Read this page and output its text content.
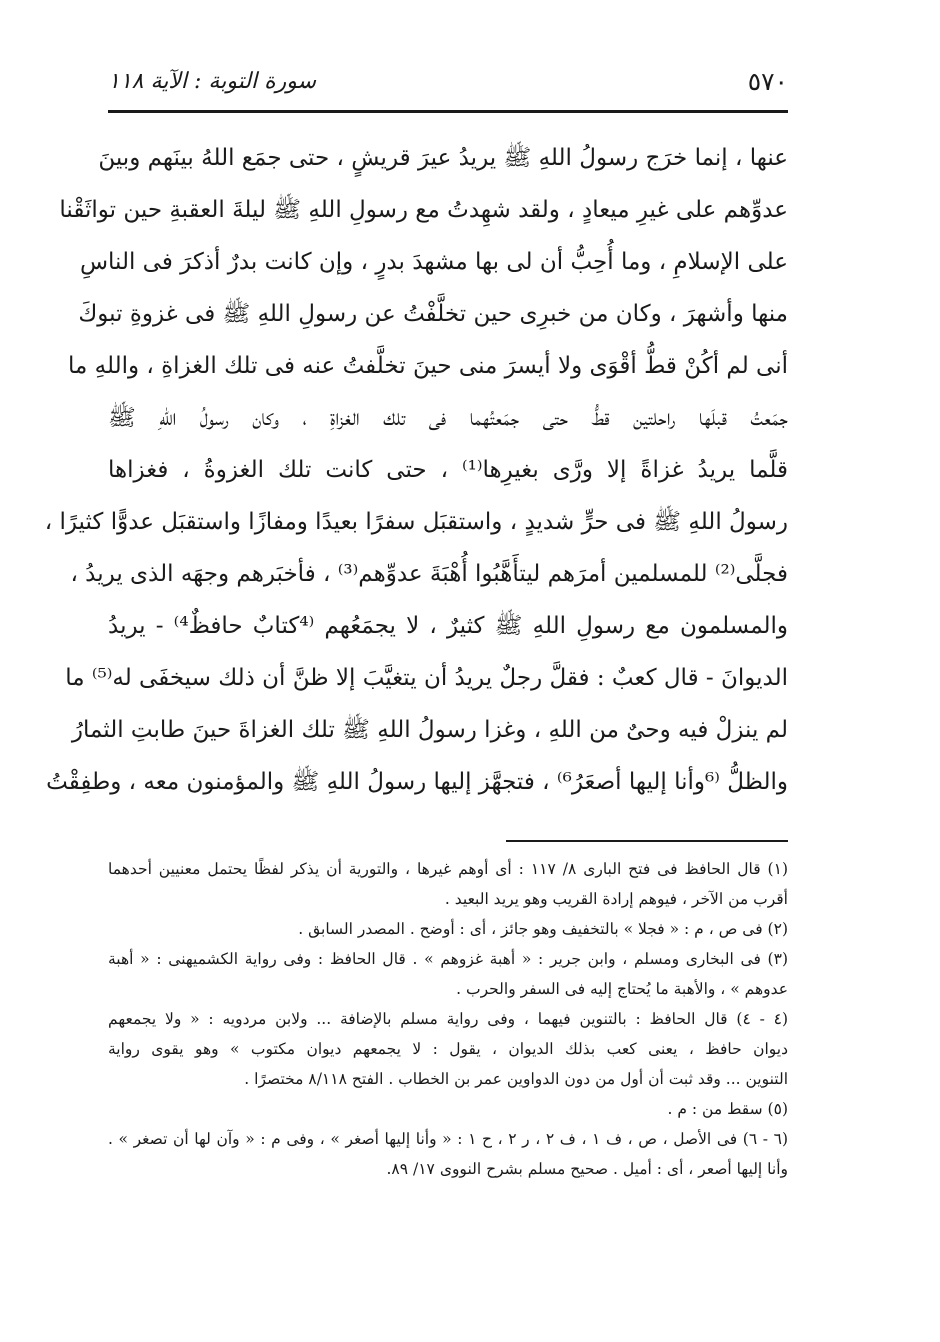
٥٧٠
سورة التوبة : الآية ١١٨
عنها ، إنما خرَج رسولُ اللهِ ﷺ يريدُ عيرَ قريشٍ ، حتى جمَع اللهُ بينَهم وبينَ
عدوِّهم على غيرِ ميعادٍ ، ولقد شهِدتُ مع رسولِ اللهِ ﷺ ليلةَ العقبةِ حين تواثَقْنا
على الإسلامِ ، وما أُحِبُّ أن لى بها مشهدَ بدرٍ ، وإن كانت بدرٌ أذكرَ فى الناسِ
منها وأشهرَ ، وكان من خبرِى حين تخلَّفْتُ عن رسولِ اللهِ ﷺ فى غزوةِ تبوكَ
أنى لم أكُنْ قطُّ أقْوَى ولا أيسرَ منى حينَ تخلَّفتُ عنه فى تلك الغزاةِ ، واللهِ ما
جمَعتُ قبلَها راحلتين قطُّ حتى جمَعتُهما فى تلك الغزاةِ ، وكان رسولُ اللهِ ﷺ
قلَّما يريدُ غزاةً إلا ورَّى بغيرِها⁽¹⁾ ، حتى كانت تلك الغزوةُ ، فغزاها
رسولُ اللهِ ﷺ فى حرٍّ شديدٍ ، واستقبَل سفرًا بعيدًا ومفازًا واستقبَل عدوًّا كثيرًا ،
فجلَّى⁽²⁾ للمسلمين أمرَهم ليتأَهَّبُوا أُهْبَةَ عدوِّهم⁽³⁾ ، فأخبَرهم وجهَه الذى يريدُ ،
والمسلمون مع رسولِ اللهِ ﷺ كثيرٌ ، لا يجمَعُهم ⁽⁴كتابٌ حافظٌ⁴⁾ - يريدُ
الديوانَ - قال كعبٌ : فقلَّ رجلٌ يريدُ أن يتغيَّبَ إلا ظنَّ أن ذلك سيخفَى له⁽⁵⁾ ما
لم ينزلْ فيه وحىٌ من اللهِ ، وغزا رسولُ اللهِ ﷺ تلك الغزاةَ حينَ طابتِ الثمارُ
والظلُّ ⁽⁶وأنا إليها أصعَرُ⁶⁾ ، فتجهَّز إليها رسولُ اللهِ ﷺ والمؤمنون معه ، وطفِقْتُ
(١) قال الحافظ فى فتح البارى ٨/ ١١٧ : أى أوهم غيرها ، والتورية أن يذكر لفظًا يحتمل معنيين أحدهما
أقرب من الآخر ، فيوهم إرادة القريب وهو يريد البعيد .
(٢) فى ص ، م : « فجلا » بالتخفيف وهو جائز ، أى : أوضح . المصدر السابق .
(٣) فى البخارى ومسلم ، وابن جرير : « أهبة غزوهم » . قال الحافظ : وفى رواية الكشميهنى : « أهبة
عدوهم » ، والأهبة ما يُحتاج إليه فى السفر والحرب .
(٤ - ٤) قال الحافظ : بالتنوين فيهما ، وفى رواية مسلم بالإضافة ... ولابن مردويه : « ولا يجمعهم
ديوان حافظ ، يعنى كعب بذلك الديوان ، يقول : لا يجمعهم ديوان مكتوب » وهو يقوى رواية
التنوين ... وقد ثبت أن أول من دون الدواوين عمر بن الخطاب . الفتح ٨/١١٨ مختصرًا .
(٥) سقط من : م .
(٦ - ٦) فى الأصل ، ص ، ف ١ ، ف ٢ ، ر ٢ ، ح ١ : « وأنا إليها أصغر » ، وفى م : « وآن لها أن تصغر » .
وأنا إليها أصعر ، أى : أميل . صحيح مسلم بشرح النووى ١٧/ ٨٩.
